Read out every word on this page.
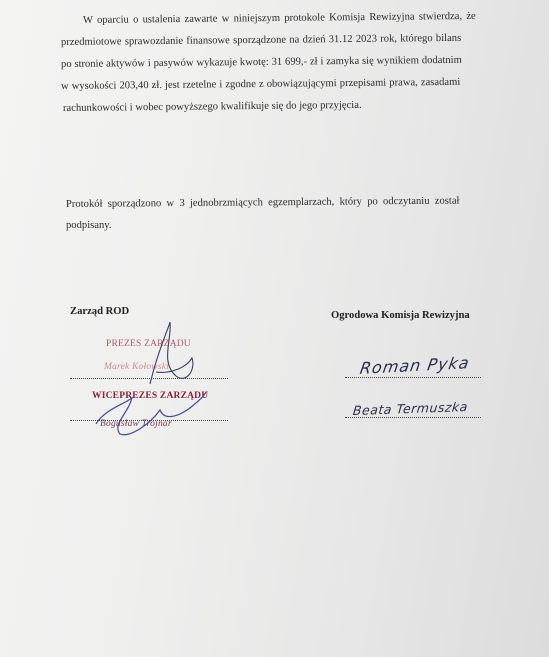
W oparciu o ustalenia zawarte w niniejszym protokole Komisja Rewizyjna stwierdza, że
przedmiotowe sprawozdanie finansowe sporządzone na dzień 31.12 2023 rok, którego bilans
po stronie aktywów i pasywów wykazuje kwotę: 31 699,- zł i zamyka się wynikiem dodatnim
w wysokości 203,40 zł. jest rzetelne i zgodne z obowiązującymi przepisami prawa, zasadami
rachunkowości i wobec powyższego kwalifikuje się do jego przyjęcia.
Protokół sporządzono w 3 jednobrzmiących egzemplarzach, który po odczytaniu został
podpisany.
Zarząd ROD
PREZES ZARZĄDU
Marek Kołowski
WICEPREZES ZARZĄDU
Bogusław Trojnar
Ogrodowa Komisja Rewizyjna
Roman Pyka
Beata Termuszka
